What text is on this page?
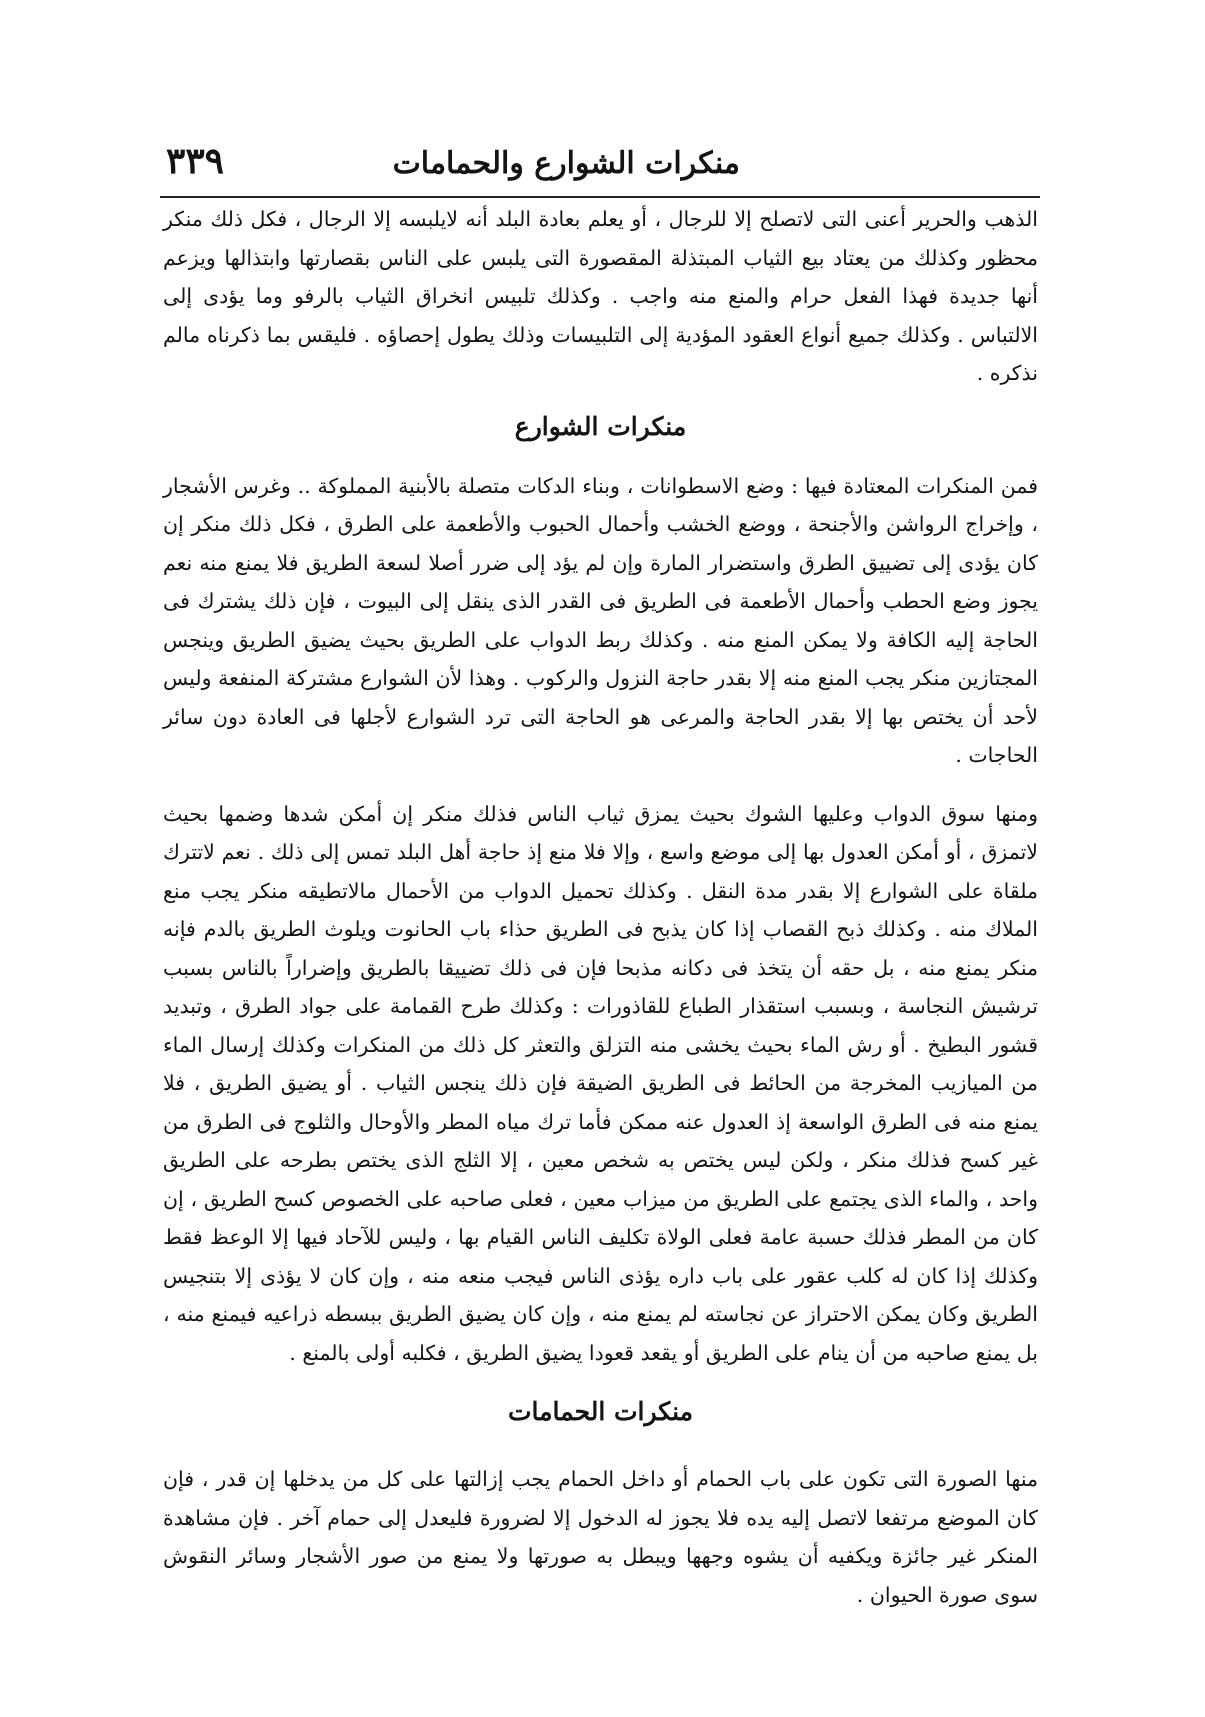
منكرات الشوارع والحمامات
٣٣٩

الذهب والحرير أعنى التى لاتصلح إلا للرجال ، أو يعلم بعادة البلد أنه لايلبسه إلا الرجال ، فكل ذلك منكر محظور وكذلك من يعتاد بيع الثياب المبتذلة المقصورة التى يلبس على الناس بقصارتها وابتذالها ويزعم أنها جديدة فهذا الفعل حرام والمنع منه واجب . وكذلك تلبيس انخراق الثياب بالرفو وما يؤدى إلى الالتباس . وكذلك جميع أنواع العقود المؤدية إلى التلبيسات وذلك يطول إحصاؤه . فليقس بما ذكرناه مالم نذكره .

منكرات الشوارع

فمن المنكرات المعتادة فيها : وضع الاسطوانات ، وبناء الدكات متصلة بالأبنية المملوكة .. وغرس الأشجار ، وإخراج الرواشن والأجنحة ، ووضع الخشب وأحمال الحبوب والأطعمة على الطرق ، فكل ذلك منكر إن كان يؤدى إلى تضييق الطرق واستضرار المارة وإن لم يؤد إلى ضرر أصلا لسعة الطريق فلا يمنع منه نعم يجوز وضع الحطب وأحمال الأطعمة فى الطريق فى القدر الذى ينقل إلى البيوت ، فإن ذلك يشترك فى الحاجة إليه الكافة ولا يمكن المنع منه . وكذلك ربط الدواب على الطريق بحيث يضيق الطريق وينجس المجتازين منكر يجب المنع منه إلا بقدر حاجة النزول والركوب . وهذا لأن الشوارع مشتركة المنفعة وليس لأحد أن يختص بها إلا بقدر الحاجة والمرعى هو الحاجة التى ترد الشوارع لأجلها فى العادة دون سائر الحاجات .

ومنها سوق الدواب وعليها الشوك بحيث يمزق ثياب الناس فذلك منكر إن أمكن شدها وضمها بحيث لاتمزق ، أو أمكن العدول بها إلى موضع واسع ، وإلا فلا منع إذ حاجة أهل البلد تمس إلى ذلك . نعم لاتترك ملقاة على الشوارع إلا بقدر مدة النقل . وكذلك تحميل الدواب من الأحمال مالاتطيقه منكر يجب منع الملاك منه . وكذلك ذبح القصاب إذا كان يذبح فى الطريق حذاء باب الحانوت ويلوث الطريق بالدم فإنه منكر يمنع منه ، بل حقه أن يتخذ فى دكانه مذبحا فإن فى ذلك تضييقا بالطريق وإضراراً بالناس بسبب ترشيش النجاسة ، وبسبب استقذار الطباع للقاذورات : وكذلك طرح القمامة على جواد الطرق ، وتبديد قشور البطيخ . أو رش الماء بحيث يخشى منه التزلق والتعثر كل ذلك من المنكرات وكذلك إرسال الماء من الميازيب المخرجة من الحائط فى الطريق الضيقة فإن ذلك ينجس الثياب . أو يضيق الطريق ، فلا يمنع منه فى الطرق الواسعة إذ العدول عنه ممكن فأما ترك مياه المطر والأوحال والثلوج فى الطرق من غير كسح فذلك منكر ، ولكن ليس يختص به شخص معين ، إلا الثلج الذى يختص بطرحه على الطريق واحد ، والماء الذى يجتمع على الطريق من ميزاب معين ، فعلى صاحبه على الخصوص كسح الطريق ، إن كان من المطر فذلك حسبة عامة فعلى الولاة تكليف الناس القيام بها ، وليس للآحاد فيها إلا الوعظ فقط وكذلك إذا كان له كلب عقور على باب داره يؤذى الناس فيجب منعه منه ، وإن كان لا يؤذى إلا بتنجيس الطريق وكان يمكن الاحتراز عن نجاسته لم يمنع منه ، وإن كان يضيق الطريق ببسطه ذراعيه فيمنع منه ، بل يمنع صاحبه من أن ينام على الطريق أو يقعد قعودا يضيق الطريق ، فكلبه أولى بالمنع .

منكرات الحمامات

منها الصورة التى تكون على باب الحمام أو داخل الحمام يجب إزالتها على كل من يدخلها إن قدر ، فإن كان الموضع مرتفعا لاتصل إليه يده فلا يجوز له الدخول إلا لضرورة فليعدل إلى حمام آخر . فإن مشاهدة المنكر غير جائزة ويكفيه أن يشوه وجهها ويبطل به صورتها ولا يمنع من صور الأشجار وسائر النقوش سوى صورة الحيوان .
